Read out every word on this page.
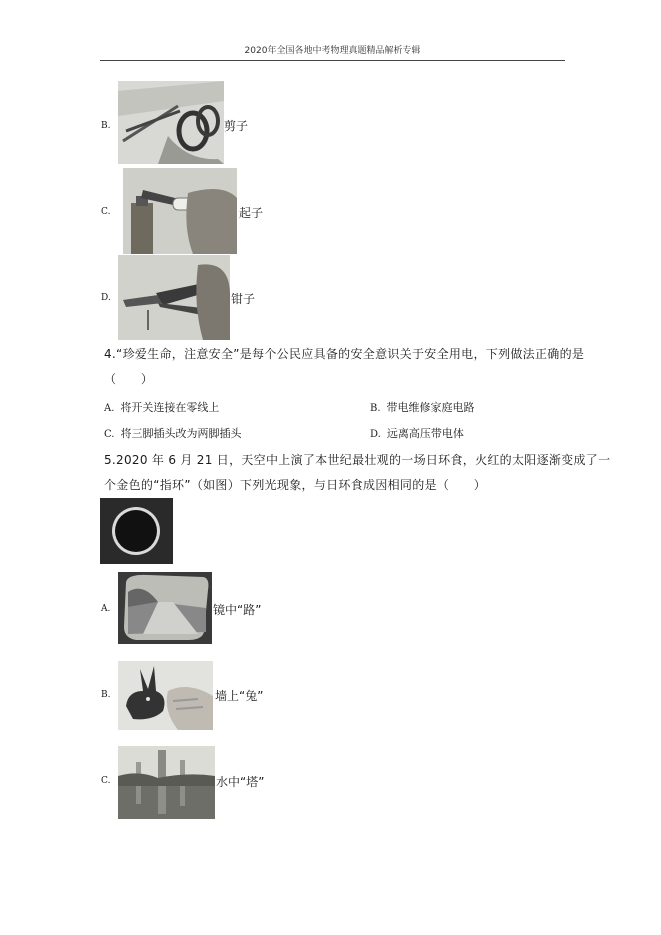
2020年全国各地中考物理真题精品解析专辑
B.	剪子
C.	起子
D.	钳子
4.“珍爱生命，注意安全”是每个公民应具备的安全意识关于安全用电，下列做法正确的是
（　　）
A. 将开关连接在零线上	B. 带电维修家庭电路
C. 将三脚插头改为两脚插头	D. 远离高压带电体
5.2020 年 6 月 21 日，天空中上演了本世纪最壮观的一场日环食，火红的太阳逐渐变成了一
个金色的“指环”（如图）下列光现象，与日环食成因相同的是（　　）
A.	镜中“路”
B.	墙上“兔”
C.	水中“塔”
